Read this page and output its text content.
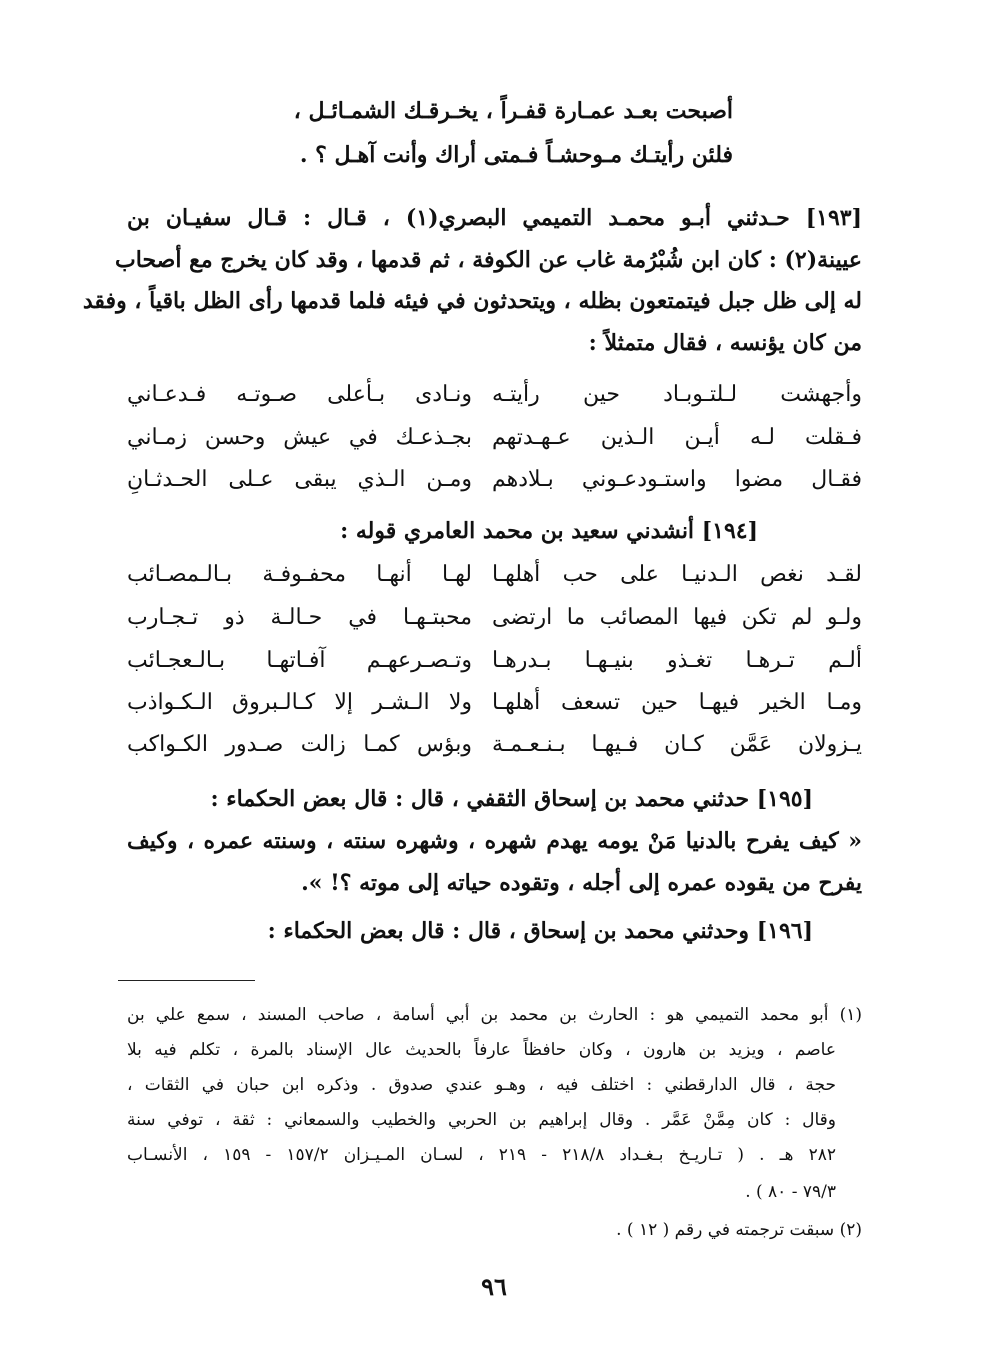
أصبحت بعـد عمـارة قفـراً ، يخـرقـك الشمـائـل ،
فلئن رأيتـك مـوحشـاً فـمتى أراك وأنت آهـل ؟ .
[١٩٣] حـدثني أبـو محمـد التميمي البصري(١) ، قـال : قـال سفيـان بن
عيينة(٢) : كان ابن شُبْرُمة غاب عن الكوفة ، ثم قدمها ، وقد كان يخرج مع أصحاب
له إلى ظل جبل فيتمتعون بظله ، ويتحدثون في فيئه فلما قدمها رأى الظل باقياً ، وفقد
من كان يؤنسه ، فقال متمثلاً :
وأجهشت لـلتـوبـاد حين رأيتـه
ونـادى بـأعلى صـوتـه فـدعـاني
فـقلت لـه أيـن الـذين عـهـدتهم
بجـذعـك في عيش وحسن زمـاني
فقـال مضوا واستـودعـوني بـلادهم
ومـن الـذي يبقى عـلى الحـدثـانِ
[١٩٤] أنشدني سعيد بن محمد العامري قوله :
لقـد نغص الـدنيـا على حب أهلهـا
لهـا أنهـا محفـوفـة بـالـمصـائب
ولـو لم تكن فيها المصائب ما ارتضى
محبتـهـا في حـالـة ذو تـجـارب
ألـم تـرهـا تغـذو بنيـهـا بـدرهـا
وتـصـرعهـم آفـاتهـا بـالـعجـائب
ومـا الخير فيهـا حين تسعف أهلهـا
ولا الـشـر إلا كـالـبروق الـكـواذب
يـزولان عَمَّن كـان فـيهـا بـنـعـمـة
وبؤس كمـا زالت صـدور الكـواكب
[١٩٥] حدثني محمد بن إسحاق الثقفي ، قال : قال بعض الحكماء :
« كيف يفرح بالدنيا مَنْ يومه يهدم شهره ، وشهره سنته ، وسنته عمره ، وكيف
يفرح من يقوده عمره إلى أجله ، وتقوده حياته إلى موته ؟! ».
[١٩٦] وحدثني محمد بن إسحاق ، قال : قال بعض الحكماء :
(١) أبو محمد التميمي هو : الحارث بن محمد بن أبي أسامة ، صاحب المسند ، سمع علي بن
عاصم ، ويزيد بن هارون ، وكان حافظاً عارفاً بالحديث عال الإسناد بالمرة ، تكلم فيه بلا
حجة ، قال الدارقطني : اختلف فيه ، وهـو عندي صدوق . وذكره ابن حبان في الثقات ،
وقال : كان مِمَّنْ عَمَّر . وقال إبراهيم بن الحربي والخطيب والسمعاني : ثقة ، توفي سنة
٢٨٢ هـ . ( تـاريـخ بـغـداد ٢١٨/٨ - ٢١٩ ، لسـان المـيـزان ١٥٧/٢ - ١٥٩ ، الأنسـاب
٧٩/٣ - ٨٠ ) .
(٢) سبقت ترجمته في رقم ( ١٢ ) .
٩٦
